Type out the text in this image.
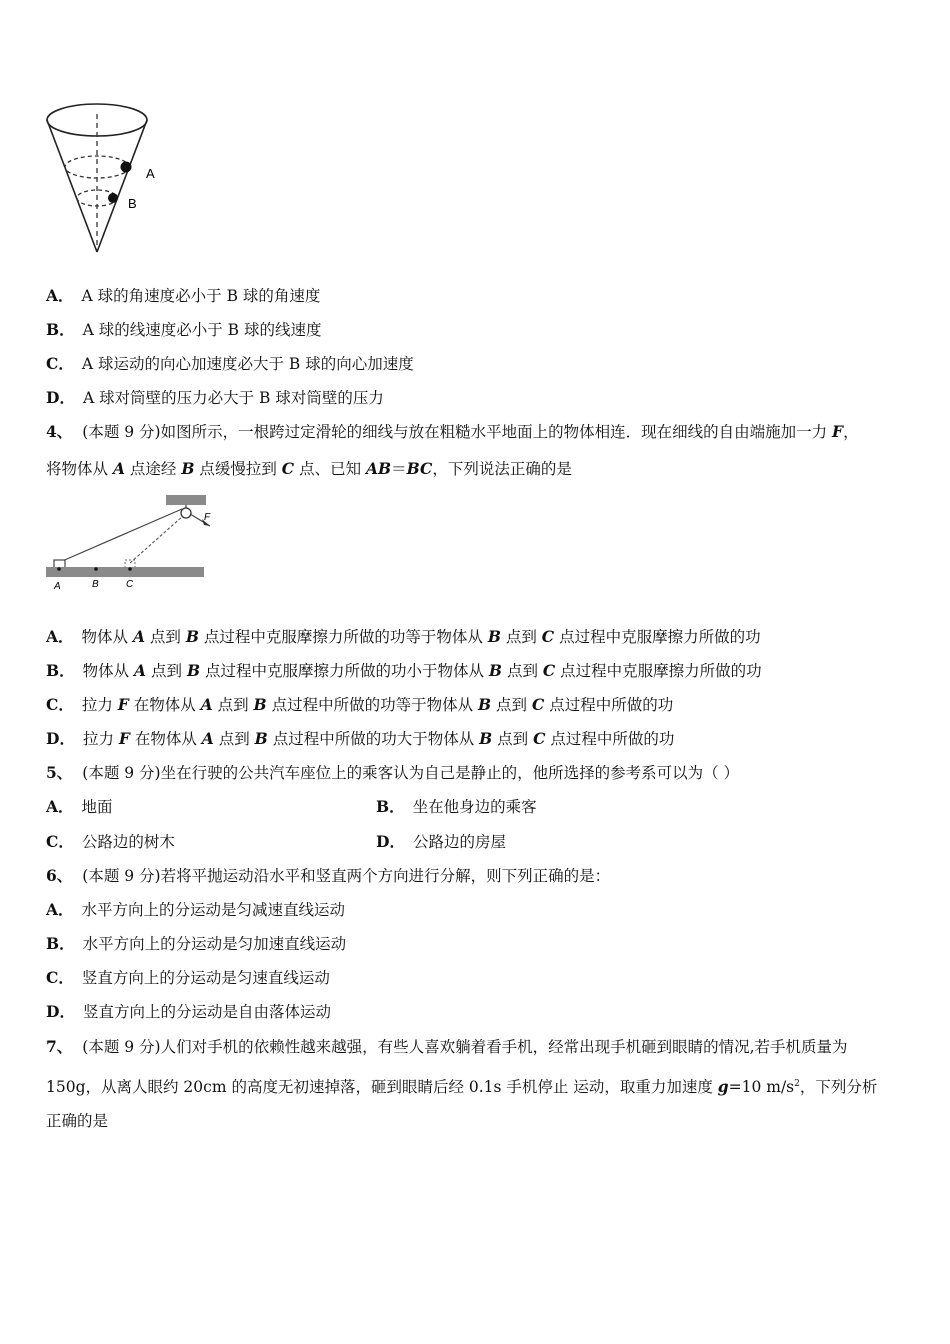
A
B
A． A 球的角速度必小于 B 球的角速度
B． A 球的线速度必小于 B 球的线速度
C． A 球运动的向心加速度必大于 B 球的向心加速度
D． A 球对筒壁的压力必大于 B 球对筒壁的压力
4、 (本题 9 分)如图所示，一根跨过定滑轮的细线与放在粗糙水平地面上的物体相连．现在细线的自由端施加一力 F，
将物体从 A 点途经 B 点缓慢拉到 C 点、已知 AB＝BC，下列说法正确的是
F
A	B	C
A． 物体从 A 点到 B 点过程中克服摩擦力所做的功等于物体从 B 点到 C 点过程中克服摩擦力所做的功
B． 物体从 A 点到 B 点过程中克服摩擦力所做的功小于物体从 B 点到 C 点过程中克服摩擦力所做的功
C． 拉力 F 在物体从 A 点到 B 点过程中所做的功等于物体从 B 点到 C 点过程中所做的功
D． 拉力 F 在物体从 A 点到 B 点过程中所做的功大于物体从 B 点到 C 点过程中所做的功
5、 (本题 9 分)坐在行驶的公共汽车座位上的乘客认为自己是静止的，他所选择的参考系可以为（ ）
A． 地面	B． 坐在他身边的乘客
C． 公路边的树木	D． 公路边的房屋
6、 (本题 9 分)若将平抛运动沿水平和竖直两个方向进行分解，则下列正确的是：
A． 水平方向上的分运动是匀减速直线运动
B． 水平方向上的分运动是匀加速直线运动
C． 竖直方向上的分运动是匀速直线运动
D． 竖直方向上的分运动是自由落体运动
7、 (本题 9 分)人们对手机的依赖性越来越强，有些人喜欢躺着看手机，经常出现手机砸到眼睛的情况,若手机质量为
150g，从离人眼约 20cm 的高度无初速掉落，砸到眼睛后经 0.1s 手机停止 运动，取重力加速度 g=10 $m/s^2$，下列分析
正确的是
